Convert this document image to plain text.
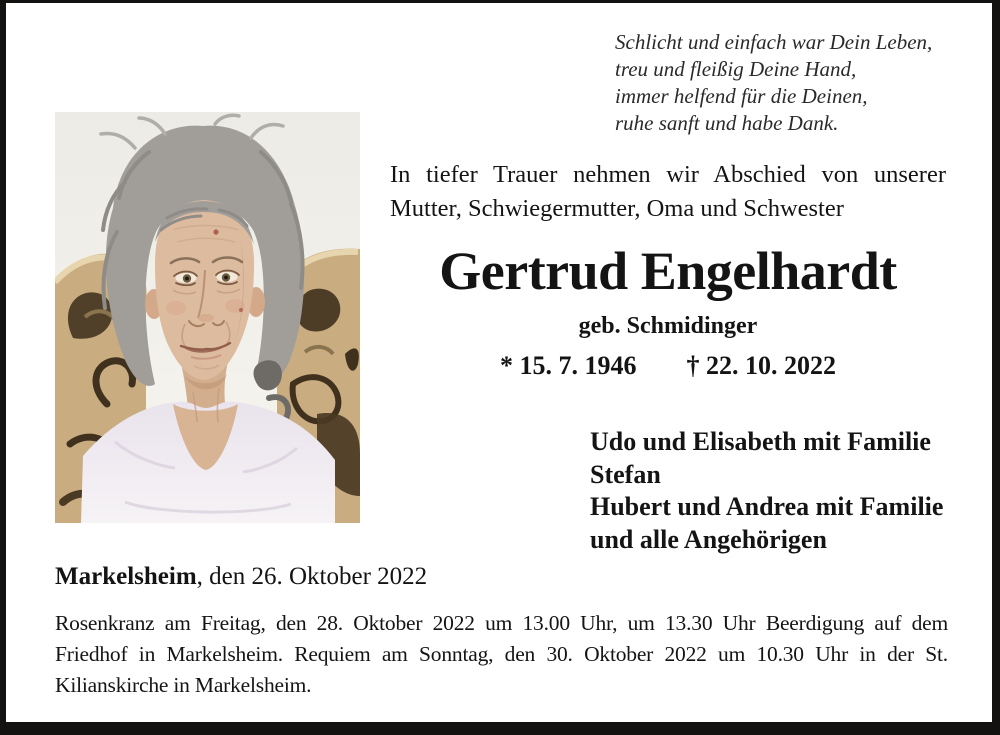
Schlicht und einfach war Dein Leben,
treu und fleißig Deine Hand,
immer helfend für die Deinen,
ruhe sanft und habe Dank.
In tiefer Trauer nehmen wir Abschied von unserer
Mutter, Schwiegermutter, Oma und Schwester
Gertrud Engelhardt
geb. Schmidinger
* 15. 7. 1946 † 22. 10. 2022
Udo und Elisabeth mit Familie
Stefan
Hubert und Andrea mit Familie
und alle Angehörigen
Markelsheim, den 26. Oktober 2022
Rosenkranz am Freitag, den 28. Oktober 2022 um 13.00 Uhr, um 13.30 Uhr Beerdigung auf dem Friedhof in Markelsheim. Requiem am Sonntag, den 30. Oktober 2022 um 10.30 Uhr in der St. Kilianskirche in Markelsheim.
